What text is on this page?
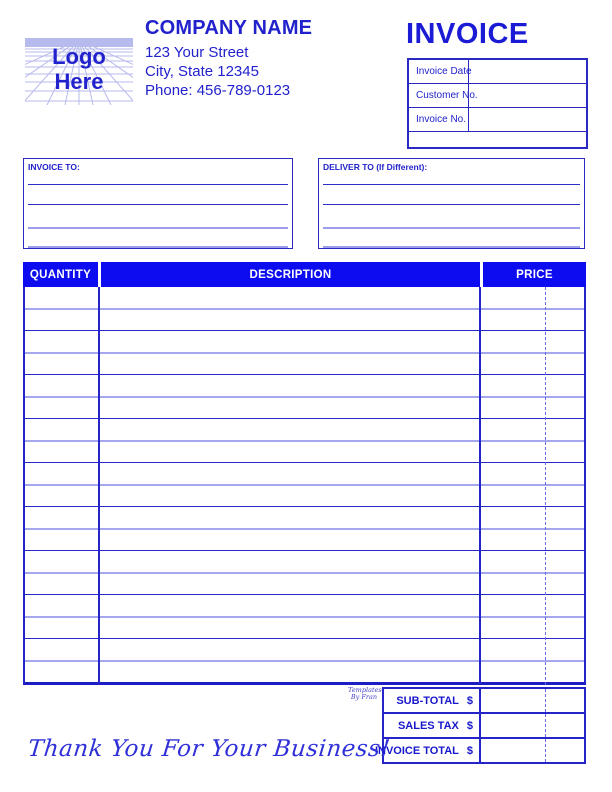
Logo
Here
COMPANY NAME
123 Your Street
City, State 12345
Phone: 456-789-0123
INVOICE
Invoice Date
Customer No.
Invoice No.
INVOICE TO:	DELIVER TO (If Different):
QUANTITY	DESCRIPTION	PRICE
Templates
By Fran SUB-TOTAL $
SALES TAX $
INVOICE TOTAL $
Thank You For Your Business!
